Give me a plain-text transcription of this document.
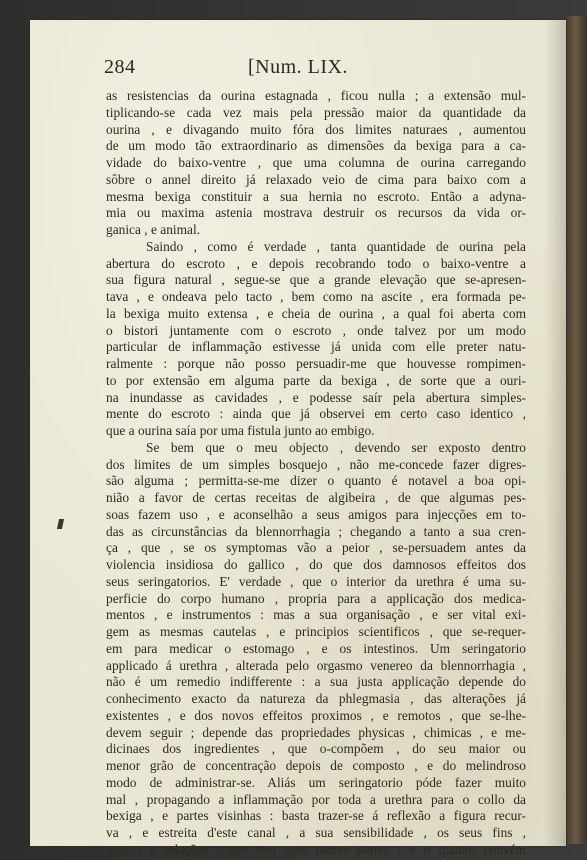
284	[Num. LIX.
as resistencias da ourina estagnada , ficou nulla ; a extensão mul-
tiplicando-se cada vez mais pela pressão maior da quantidade da
ourina , e divagando muito fóra dos limites naturaes , aumentou
de um modo tão extraordinario as dimensões da bexiga para a ca-
vidade do baixo-ventre , que uma columna de ourina carregando
sôbre o annel direito já relaxado veio de cima para baixo com a
mesma bexiga constituir a sua hernia no escroto. Então a adyna-
mia ou maxima astenia mostrava destruir os recursos da vida or-
ganica , e animal.
Saindo , como é verdade , tanta quantidade de ourina pela
abertura do escroto , e depois recobrando todo o baixo-ventre a
sua figura natural , segue-se que a grande elevação que se-apresen-
tava , e ondeava pelo tacto , bem como na ascite , era formada pe-
la bexiga muito extensa , e cheia de ourina , a qual foi aberta com
o bistori juntamente com o escroto , onde talvez por um modo
particular de inflammação estivesse já unida com elle preter natu-
ralmente : porque não posso persuadir-me que houvesse rompimen-
to por extensão em alguma parte da bexiga , de sorte que a ouri-
na inundasse as cavidades , e podesse saír pela abertura simples-
mente do escroto : ainda que já observei em certo caso identico ,
que a ourina saía por uma fistula junto ao embigo.
Se bem que o meu objecto , devendo ser exposto dentro
dos limites de um simples bosquejo , não me-concede fazer digres-
são alguma ; permitta-se-me dizer o quanto é notavel a boa opi-
nião a favor de certas receitas de algibeira , de que algumas pes-
soas fazem uso , e aconselhão a seus amigos para injecções em to-
das as circunstâncias da blennorrhagia ; chegando a tanto a sua cren-
ça , que , se os symptomas vão a peior , se-persuadem antes da
violencia insidiosa do gallico , do que dos damnosos effeitos dos
seus seringatorios. E' verdade , que o interior da urethra é uma su-
perficie do corpo humano , propria para a applicação dos medica-
mentos , e instrumentos : mas a sua organisação , e ser vital exi-
gem as mesmas cautelas , e principios scientificos , que se-requer-
em para medicar o estomago , e os intestinos. Um seringatorio
applicado á urethra , alterada pelo orgasmo venereo da blennorrhagia ,
não é um remedio indifferente : a sua justa applicação depende do
conhecimento exacto da natureza da phlegmasia , das alterações já
existentes , e dos novos effeitos proximos , e remotos , que se-lhe-
devem seguir ; depende das propriedades physicas , chimicas , e me-
dicinaes dos ingredientes , que o-compõem , do seu maior ou
menor grão de concentração depois de composto , e do melindroso
modo de administrar-se. Aliás um seringatorio póde fazer muito
mal , propagando a inflammação por toda a urethra para o collo da
bexiga , e partes visinhas : basta trazer-se á reflexão a figura recur-
va , e estreita d'este canal , a sua sensibilidade , os seus fins ,
usos , e relações , que tem com outras partes ; e o quanto convém
